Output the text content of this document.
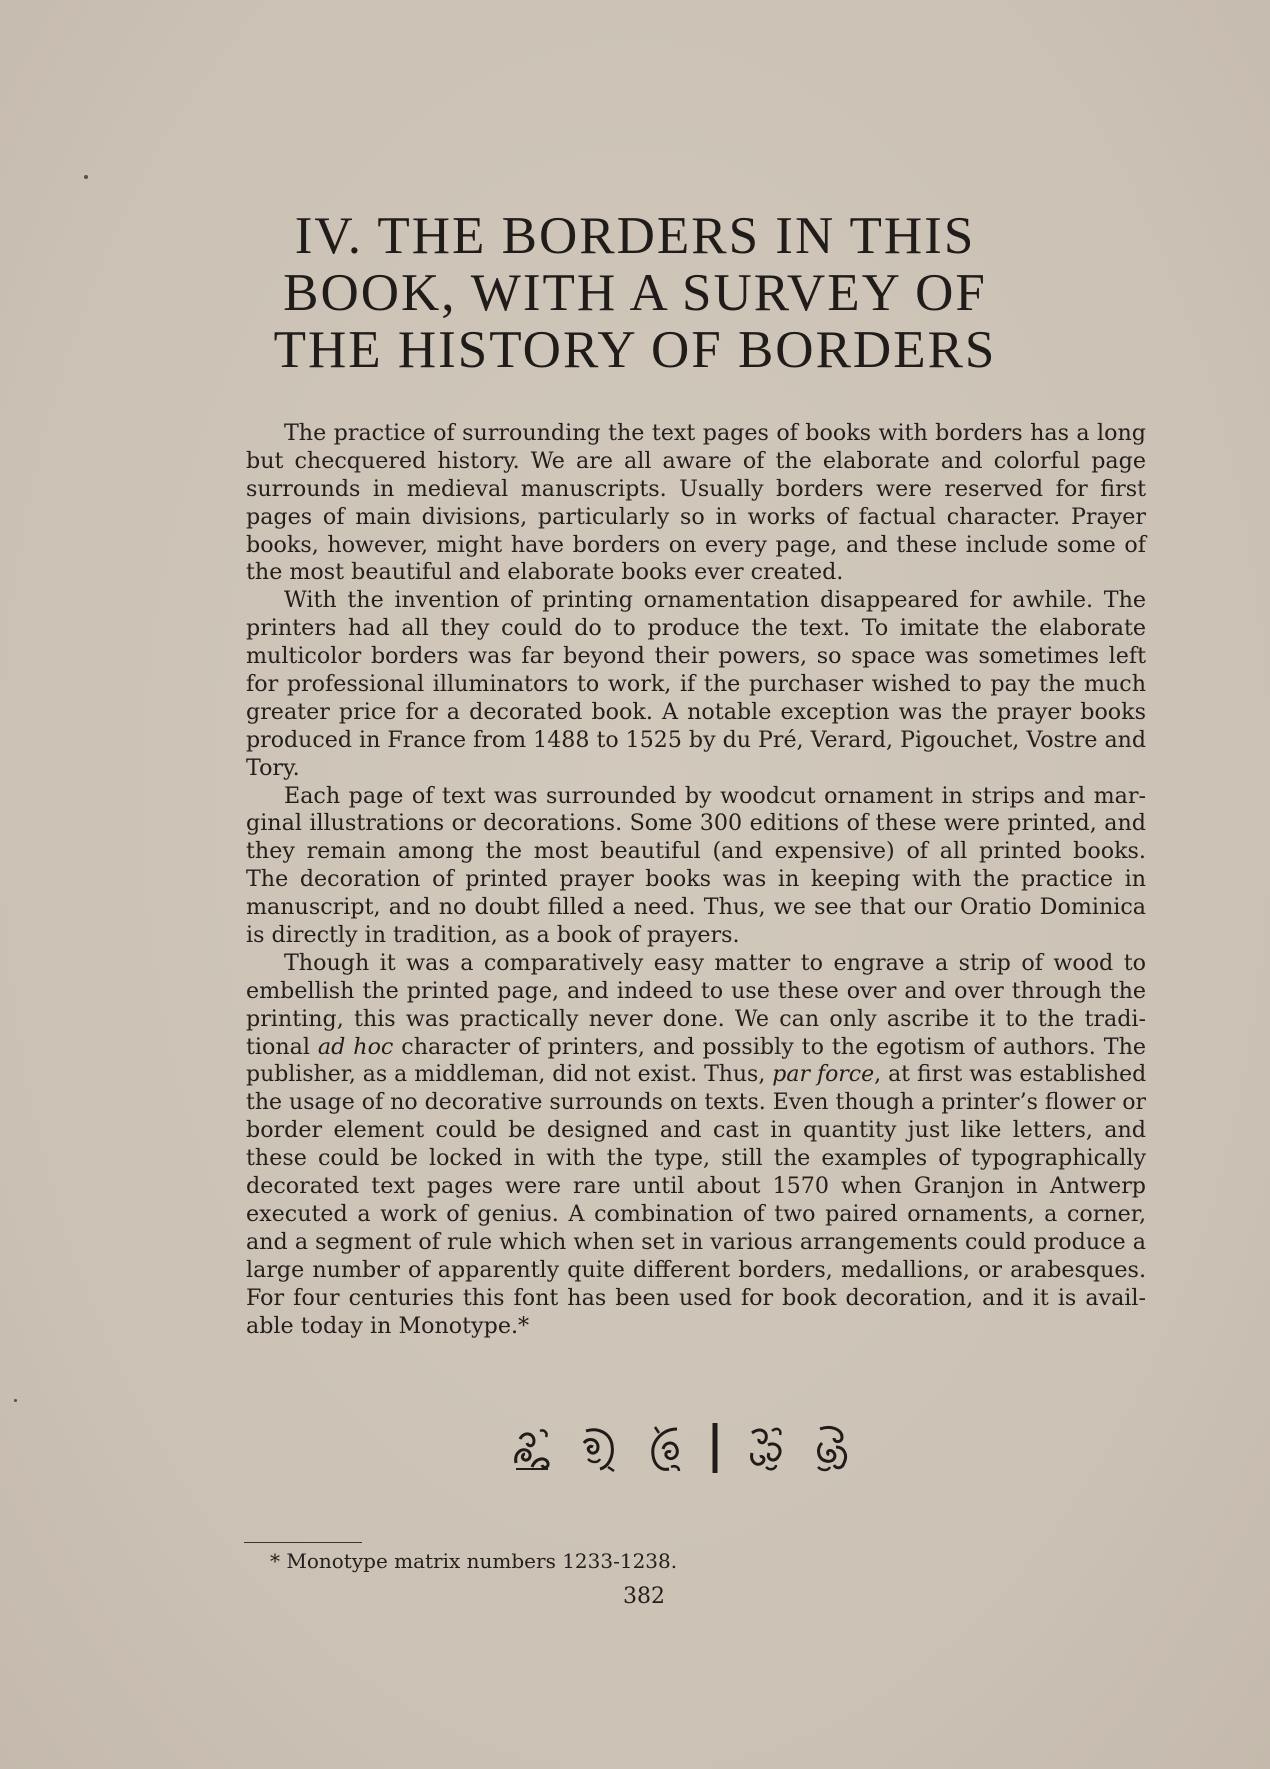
IV. THE BORDERS IN THIS
BOOK, WITH A SURVEY OF
THE HISTORY OF BORDERS
The practice of surrounding the text pages of books with borders has a long
but checquered history. We are all aware of the elaborate and colorful page
surrounds in medieval manuscripts. Usually borders were reserved for first
pages of main divisions, particularly so in works of factual character. Prayer
books, however, might have borders on every page, and these include some of
the most beautiful and elaborate books ever created.
With the invention of printing ornamentation disappeared for awhile. The
printers had all they could do to produce the text. To imitate the elaborate
multicolor borders was far beyond their powers, so space was sometimes left
for professional illuminators to work, if the purchaser wished to pay the much
greater price for a decorated book. A notable exception was the prayer books
produced in France from 1488 to 1525 by du Pré, Verard, Pigouchet, Vostre and
Tory.
Each page of text was surrounded by woodcut ornament in strips and mar-
ginal illustrations or decorations. Some 300 editions of these were printed, and
they remain among the most beautiful (and expensive) of all printed books.
The decoration of printed prayer books was in keeping with the practice in
manuscript, and no doubt filled a need. Thus, we see that our Oratio Dominica
is directly in tradition, as a book of prayers.
Though it was a comparatively easy matter to engrave a strip of wood to
embellish the printed page, and indeed to use these over and over through the
printing, this was practically never done. We can only ascribe it to the tradi-
tional ad hoc character of printers, and possibly to the egotism of authors. The
publisher, as a middleman, did not exist. Thus, par force, at first was established
the usage of no decorative surrounds on texts. Even though a printer’s flower or
border element could be designed and cast in quantity just like letters, and
these could be locked in with the type, still the examples of typographically
decorated text pages were rare until about 1570 when Granjon in Antwerp
executed a work of genius. A combination of two paired ornaments, a corner,
and a segment of rule which when set in various arrangements could produce a
large number of apparently quite different borders, medallions, or arabesques.
For four centuries this font has been used for book decoration, and it is avail-
able today in Monotype.*
* Monotype matrix numbers 1233-1238.
382
